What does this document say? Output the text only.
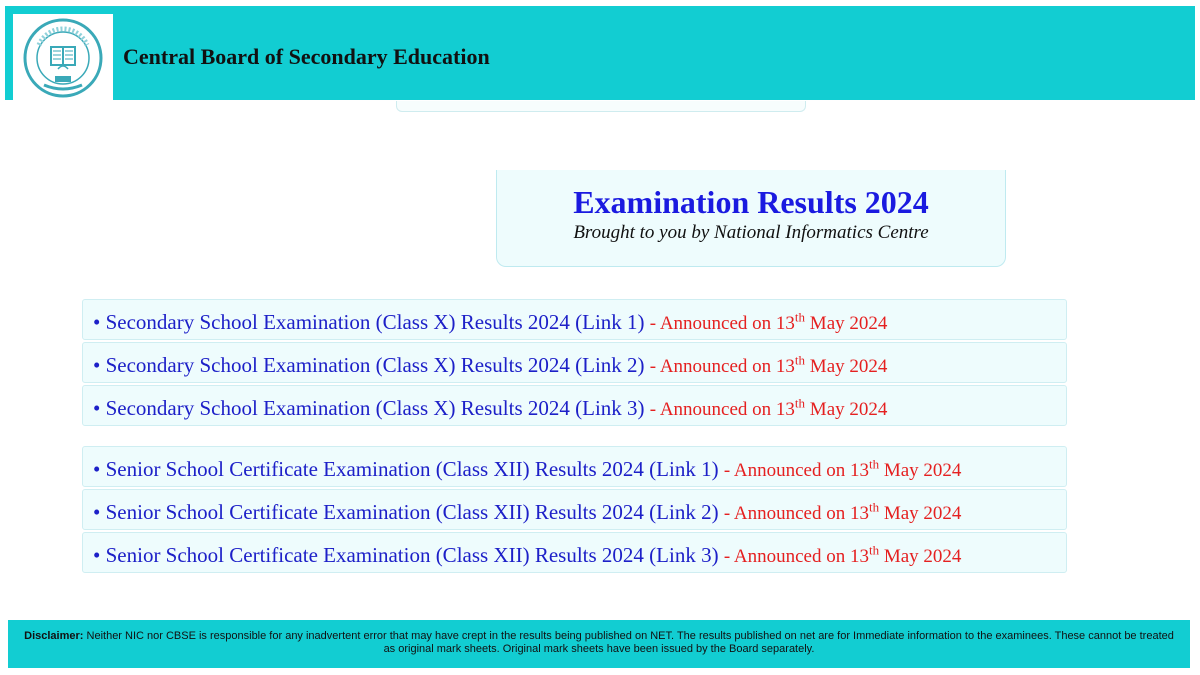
Central Board of Secondary Education
Examination Results 2024
Brought to you by National Informatics Centre
• Secondary School Examination (Class X) Results 2024 (Link 1) - Announced on 13th May 2024
• Secondary School Examination (Class X) Results 2024 (Link 2) - Announced on 13th May 2024
• Secondary School Examination (Class X) Results 2024 (Link 3) - Announced on 13th May 2024
• Senior School Certificate Examination (Class XII) Results 2024 (Link 1) - Announced on 13th May 2024
• Senior School Certificate Examination (Class XII) Results 2024 (Link 2) - Announced on 13th May 2024
• Senior School Certificate Examination (Class XII) Results 2024 (Link 3) - Announced on 13th May 2024
Disclaimer: Neither NIC nor CBSE is responsible for any inadvertent error that may have crept in the results being published on NET. The results published on net are for Immediate information to the examinees. These cannot be treated as original mark sheets. Original mark sheets have been issued by the Board separately.
